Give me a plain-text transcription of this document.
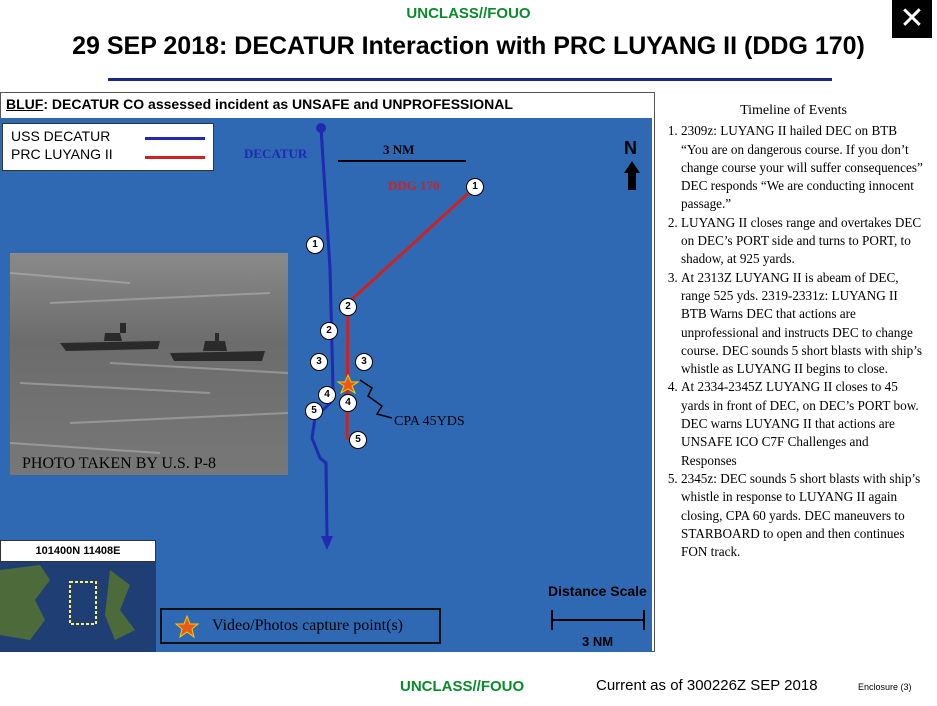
UNCLASS//FOUO	✕
29 SEP 2018: DECATUR Interaction with PRC LUYANG II (DDG 170)
BLUF: DECATUR CO assessed incident as UNSAFE and UNPROFESSIONAL
1
1
2
2
3	3
4
4
5
5
DECATUR
DDG 170
3 NM	N
CPA 45YDS
USS DECATUR
PRC LUYANG II
PHOTO TAKEN BY U.S. P-8
101400N 11408E
Video/Photos capture point(s)
Distance Scale
3 NM
Timeline of Events
1. 2309z: LUYANG II hailed DEC on BTB “You are on dangerous course. If you don’t change course your will suffer consequences” DEC responds “We are conducting innocent passage.”
2. LUYANG II closes range and overtakes DEC on DEC’s PORT side and turns to PORT, to shadow, at 925 yards.
3. At 2313Z LUYANG II is abeam of DEC, range 525 yds. 2319-2331z: LUYANG II BTB Warns DEC that actions are unprofessional and instructs DEC to change course. DEC sounds 5 short blasts with ship’s whistle as LUYANG II begins to close.
4. At 2334-2345Z LUYANG II closes to 45 yards in front of DEC, on DEC’s PORT bow. DEC warns LUYANG II that actions are UNSAFE ICO C7F Challenges and Responses
5. 2345z: DEC sounds 5 short blasts with ship’s whistle in response to LUYANG II again closing, CPA 60 yards. DEC maneuvers to STARBOARD to open and then continues FON track.
UNCLASS//FOUO	Current as of 300226Z SEP 2018	Enclosure (3)
